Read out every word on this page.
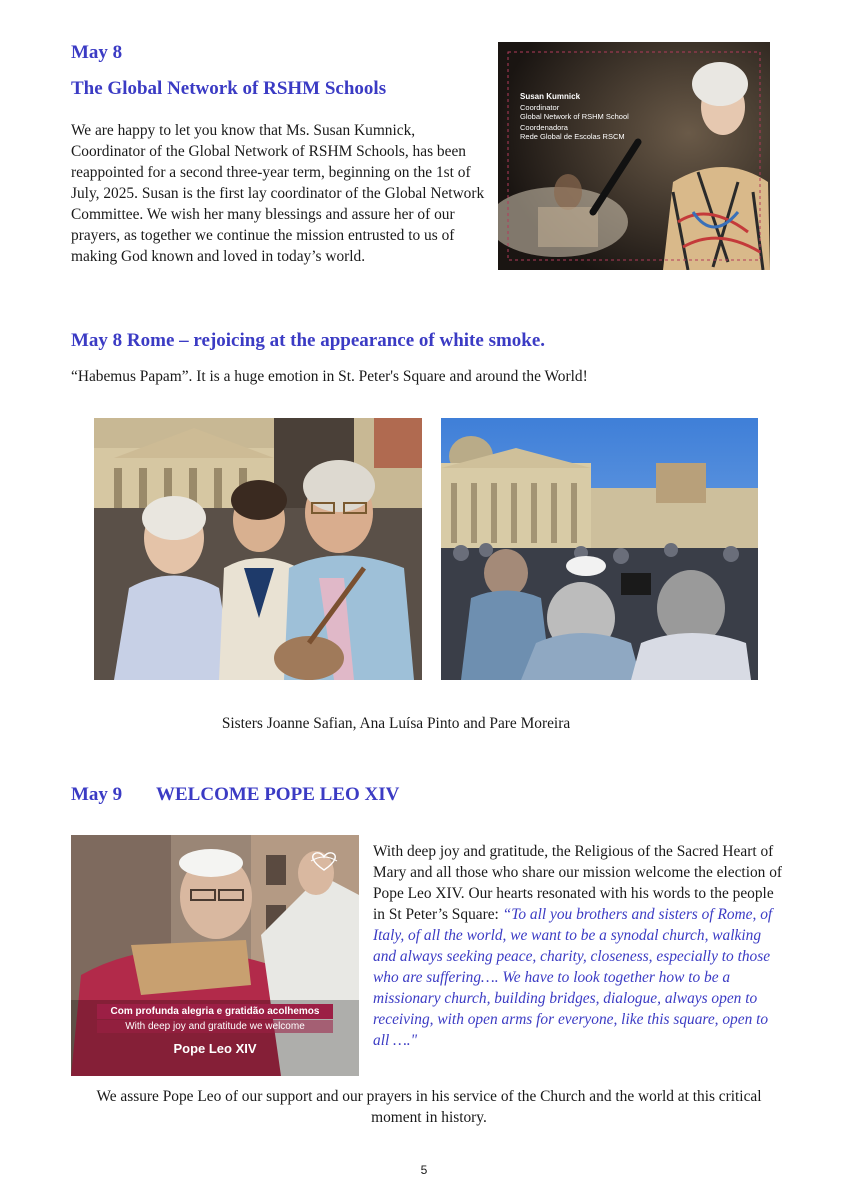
May 8
The Global Network of RSHM Schools

We are happy to let you know that Ms. Susan Kumnick, Coordinator of the Global Network of RSHM Schools, has been reappointed for a second three-year term, beginning on the 1st of July, 2025. Susan is the first lay coordinator of the Global Network Committee. We wish her many blessings and assure her of our prayers, as together we continue the mission entrusted to us of making God known and loved in today’s world.

Susan Kumnick
Coordinator
Global Network of RSHM School
Coordenadora
Rede Global de Escolas RSCM
May 8 Rome – rejoicing at the appearance of white smoke.

“Habemus Papam”. It is a huge emotion in St. Peter's Square and around the World!

Sisters Joanne Safian, Ana Luísa Pinto and Pare Moreira

May 9 WELCOME POPE LEO XIV
Com profunda alegria e gratidão acolhemos
With deep joy and gratitude we welcome
Pope Leo XIV

With deep joy and gratitude, the Religious of the Sacred Heart of Mary and all those who share our mission welcome the election of Pope Leo XIV. Our hearts resonated with his words to the people in St Peter’s Square: “To all you brothers and sisters of Rome, of Italy, of all the world, we want to be a synodal church, walking and always seeking peace, charity, closeness, especially to those who are suffering…. We have to look together how to be a missionary church, building bridges, dialogue, always open to receiving, with open arms for everyone, like this square, open to all …."

We assure Pope Leo of our support and our prayers in his service of the Church and the world at this critical moment in history.

5
